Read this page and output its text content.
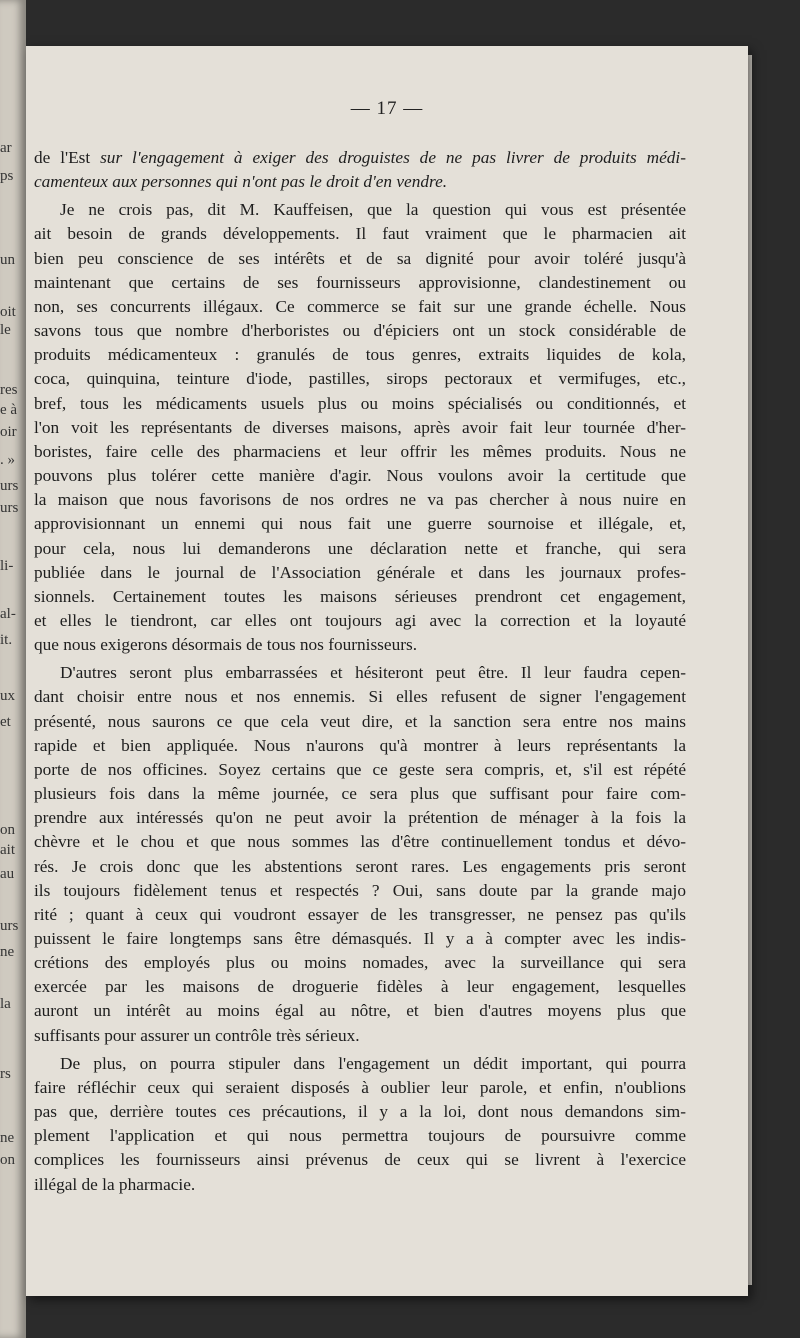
ar
ps
un
oit
le
res
e à
oir
. »
urs
urs
li-
al-
it.
ux
et
on
ait
au
urs
ne
la
rs
ne
on
— 17 —

de l'Est sur l'engagement à exiger des droguistes de ne pas livrer de produits médi-
camenteux aux personnes qui n'ont pas le droit d'en vendre.

Je ne crois pas, dit M. Kauffeisen, que la question qui vous est présentée
ait besoin de grands développements. Il faut vraiment que le pharmacien ait
bien peu conscience de ses intérêts et de sa dignité pour avoir toléré jusqu'à
maintenant que certains de ses fournisseurs approvisionne, clandestinement ou
non, ses concurrents illégaux. Ce commerce se fait sur une grande échelle. Nous
savons tous que nombre d'herboristes ou d'épiciers ont un stock considérable de
produits médicamenteux : granulés de tous genres, extraits liquides de kola,
coca, quinquina, teinture d'iode, pastilles, sirops pectoraux et vermifuges, etc.,
bref, tous les médicaments usuels plus ou moins spécialisés ou conditionnés, et
l'on voit les représentants de diverses maisons, après avoir fait leur tournée d'her-
boristes, faire celle des pharmaciens et leur offrir les mêmes produits. Nous ne
pouvons plus tolérer cette manière d'agir. Nous voulons avoir la certitude que
la maison que nous favorisons de nos ordres ne va pas chercher à nous nuire en
approvisionnant un ennemi qui nous fait une guerre sournoise et illégale, et,
pour cela, nous lui demanderons une déclaration nette et franche, qui sera
publiée dans le journal de l'Association générale et dans les journaux profes-
sionnels. Certainement toutes les maisons sérieuses prendront cet engagement,
et elles le tiendront, car elles ont toujours agi avec la correction et la loyauté
que nous exigerons désormais de tous nos fournisseurs.

D'autres seront plus embarrassées et hésiteront peut être. Il leur faudra cepen-
dant choisir entre nous et nos ennemis. Si elles refusent de signer l'engagement
présenté, nous saurons ce que cela veut dire, et la sanction sera entre nos mains
rapide et bien appliquée. Nous n'aurons qu'à montrer à leurs représentants la
porte de nos officines. Soyez certains que ce geste sera compris, et, s'il est répété
plusieurs fois dans la même journée, ce sera plus que suffisant pour faire com-
prendre aux intéressés qu'on ne peut avoir la prétention de ménager à la fois la
chèvre et le chou et que nous sommes las d'être continuellement tondus et dévo-
rés. Je crois donc que les abstentions seront rares. Les engagements pris seront
ils toujours fidèlement tenus et respectés ? Oui, sans doute par la grande majo
rité ; quant à ceux qui voudront essayer de les transgresser, ne pensez pas qu'ils
puissent le faire longtemps sans être démasqués. Il y a à compter avec les indis-
crétions des employés plus ou moins nomades, avec la surveillance qui sera
exercée par les maisons de droguerie fidèles à leur engagement, lesquelles
auront un intérêt au moins égal au nôtre, et bien d'autres moyens plus que
suffisants pour assurer un contrôle très sérieux.

De plus, on pourra stipuler dans l'engagement un dédit important, qui pourra
faire réfléchir ceux qui seraient disposés à oublier leur parole, et enfin, n'oublions
pas que, derrière toutes ces précautions, il y a la loi, dont nous demandons sim-
plement l'application et qui nous permettra toujours de poursuivre comme
complices les fournisseurs ainsi prévenus de ceux qui se livrent à l'exercice
illégal de la pharmacie.
